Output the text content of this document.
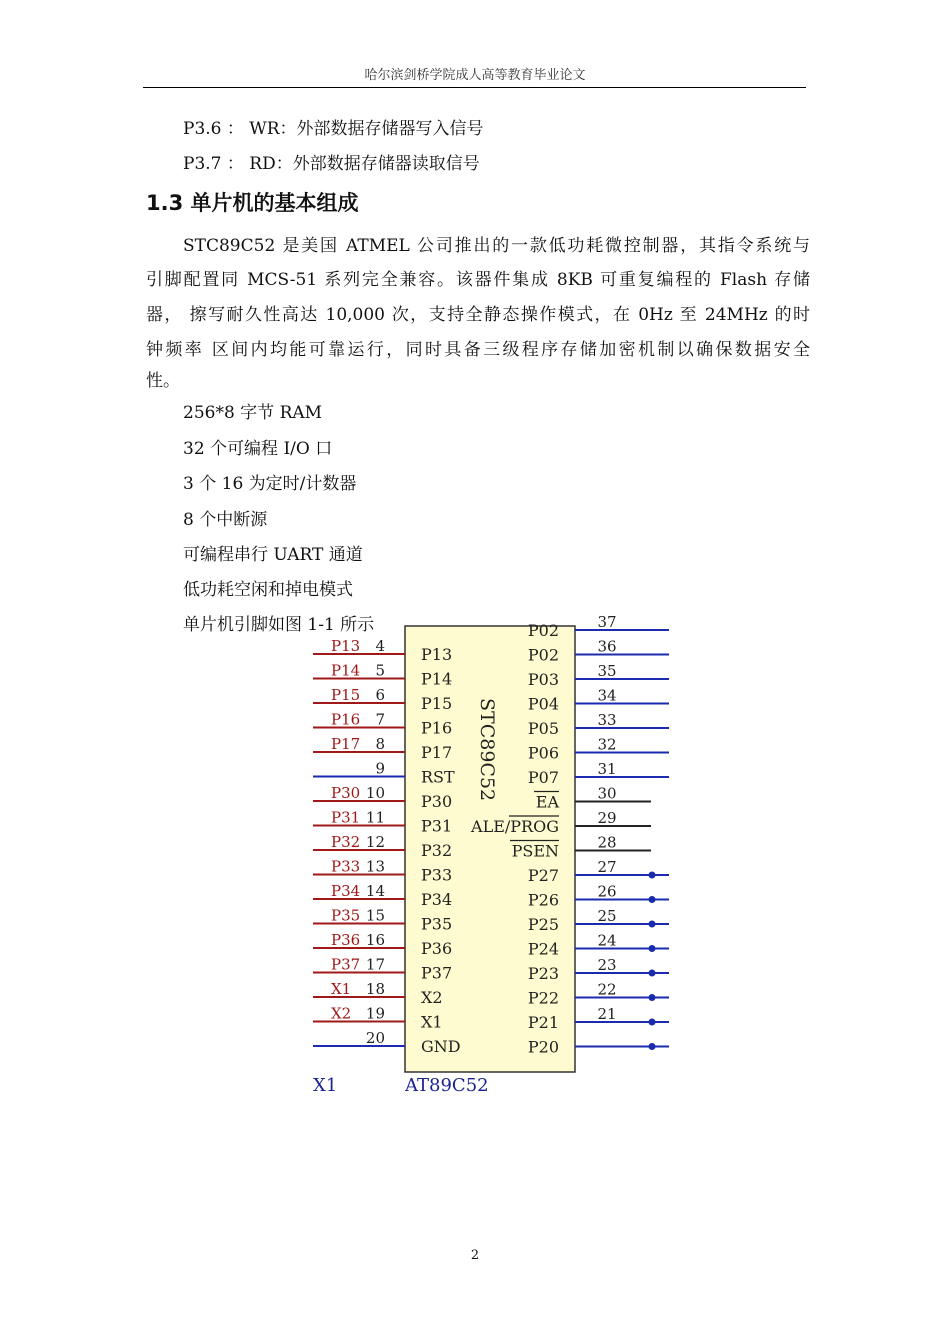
哈尔滨剑桥学院成人高等教育毕业论文
P3.6 ： WR：外部数据存储器写入信号
P3.7 ： RD：外部数据存储器读取信号
1.3 单片机的基本组成
STC89C52 是美国 ATMEL 公司推出的一款低功耗微控制器，其指令系统与
引脚配置同 MCS-51 系列完全兼容。该器件集成 8KB 可重复编程的 Flash 存储
器， 擦写耐久性高达 10,000 次，支持全静态操作模式，在 0Hz 至 24MHz 的时
钟频率 区间内均能可靠运行，同时具备三级程序存储加密机制以确保数据安全
性。
256*8 字节 RAM
32 个可编程 I/O 口
3 个 16 为定时/计数器
8 个中断源
可编程串行 UART 通道
低功耗空闲和掉电模式
单片机引脚如图 1-1 所示
STC89C52
AT89C52
X1
P13 4 P13
P14 5 P14
P15 6 P15
P16 7 P16
P17 8 P17
9 RST
P30 10 P30
P31 11 P31
P32 12 P32
P33 13 P33
P34 14 P34
P35 15 P35
P36 16 P36
P37 17 P37
X1 18 X2
X2 19 X1
20 GND
37
P02
36
P02
35
P03
34
P04
33
P05
32
P06
31
P07
30
EA
29
ALE/PROG
28
PSEN
27
P27
26
P26
25
P25
24
P24
23
P23
22
P22
21
P21
P20
2
